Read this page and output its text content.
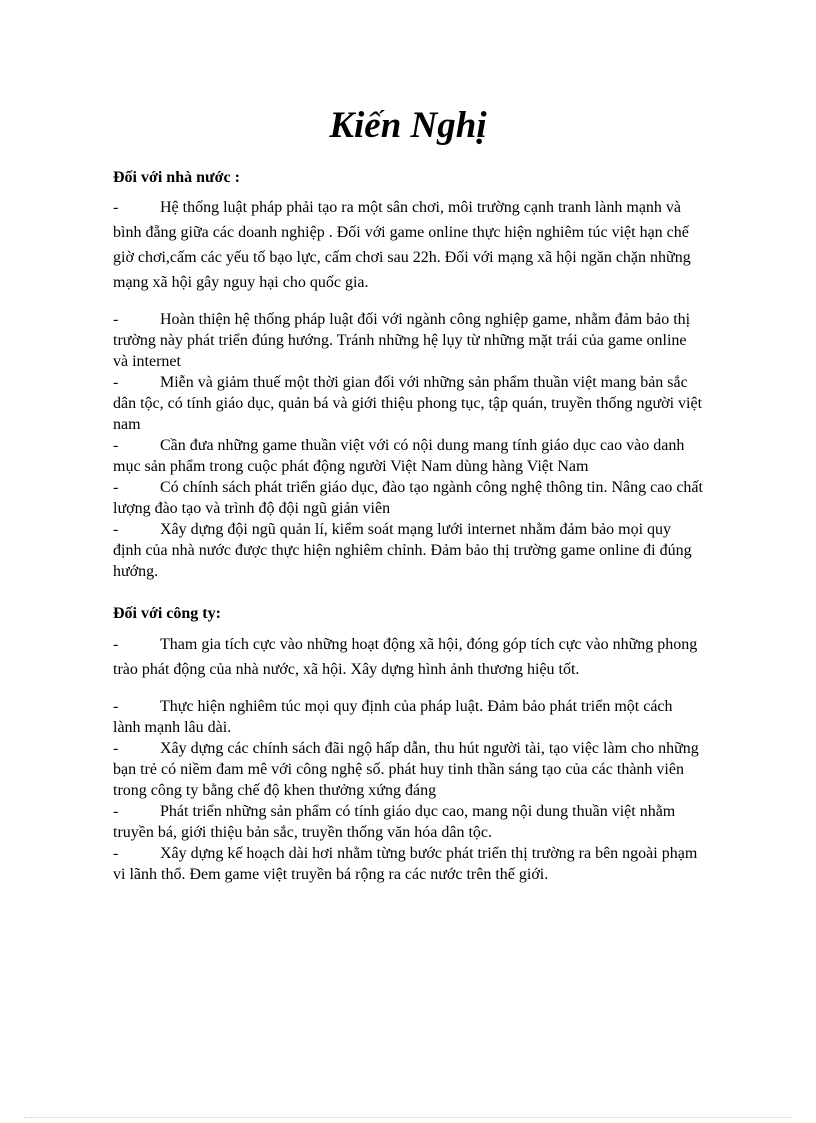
Kiến Nghị

Đối với nhà nước :

-	Hệ thống luật pháp phải tạo ra một sân chơi, môi trường cạnh tranh lành mạnh và bình đẵng giữa các doanh nghiệp . Đối với game online thực hiện nghiêm túc việt hạn chế giờ chơi,cấm các yếu tố bạo lực, cấm chơi sau 22h. Đối với mạng xã hội ngăn chặn những mạng xã hội gây nguy hại cho quốc gia.

-	Hoàn thiện hệ thống pháp luật đối với ngành công nghiệp game, nhằm đảm bảo thị trường này phát triển đúng hướng. Tránh những hệ lụy từ những mặt trái của game online và internet

-	Miễn và giảm thuế một thời gian đối với những sản phẩm thuần việt mang bản sắc dân tộc, có tính giáo dục, quản bá và giới thiệu phong tục, tập quán, truyền thống người việt nam

-	Cần đưa những game thuần việt với có nội dung mang tính giáo dục cao vào danh mục sản phẩm trong cuộc phát động người Việt Nam dùng hàng Việt Nam

-	Có chính sách phát triển giáo dục, đào tạo ngành công nghệ thông tin. Nâng cao chất lượng đào tạo và trình độ đội ngũ giản viên

-	Xây dựng đội ngũ quản lí, kiểm soát mạng lưới internet nhằm đảm bảo mọi quy định của nhà nước được thực hiện nghiêm chỉnh. Đảm bảo thị trường game online đi đúng hướng.

Đối với công ty:

-	Tham gia tích cực vào những hoạt động xã hội, đóng góp tích cực vào những phong trào phát động của nhà nước, xã hội. Xây dựng hình ảnh thương hiệu tốt.

-	Thực hiện nghiêm túc mọi quy định của pháp luật. Đảm bảo phát triển một cách lành mạnh lâu dài.

-	Xây dựng các chính sách đãi ngộ hấp dẫn, thu hút người tài, tạo việc làm cho những bạn trẻ có niềm đam mê với công nghệ số. phát huy tinh thần sáng tạo của các thành viên trong công ty bằng chế độ khen thưởng xứng đáng

-	Phát triển những sản phẩm có tính giáo dục cao, mang nội dung thuần việt nhằm truyền bá, giới thiệu bản sắc, truyền thống văn hóa dân tộc.

-	Xây dựng kế hoạch dài hơi nhằm từng bước phát triển thị trường ra bên ngoài phạm vi lãnh thổ. Đem game việt truyền bá rộng ra các nước trên thế giới.
